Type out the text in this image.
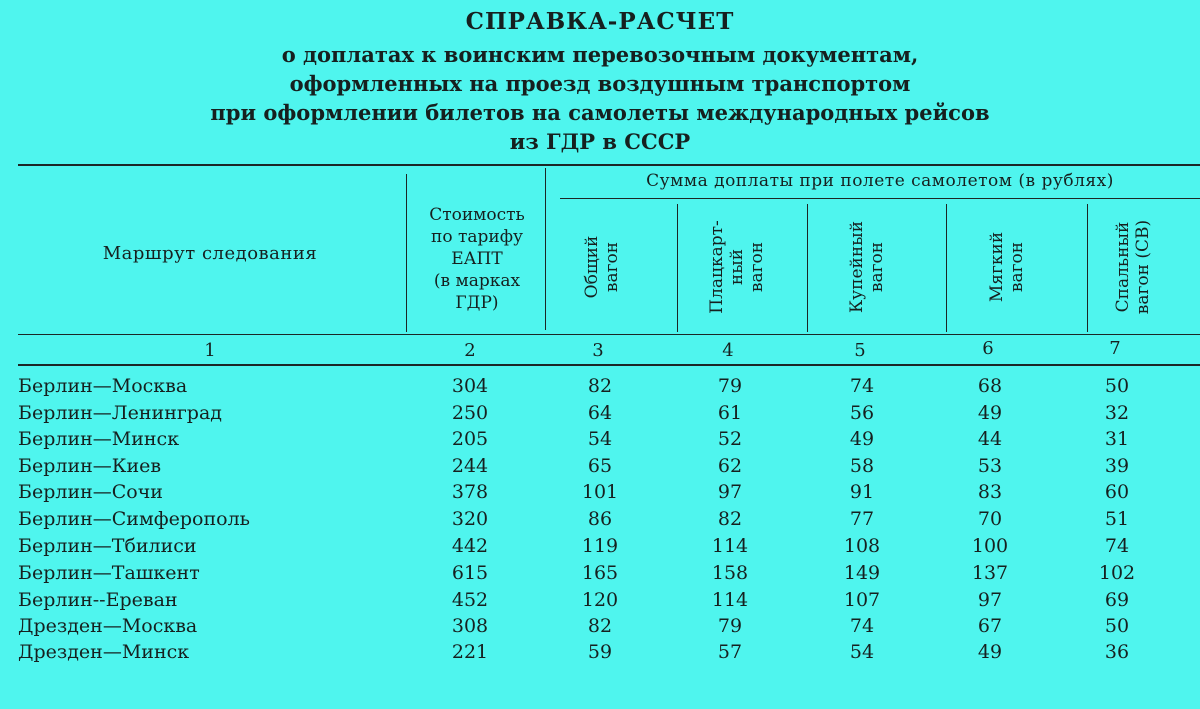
СПРАВКА-РАСЧЕТ
о доплатах к воинским перевозочным документам,
оформленных на проезд воздушным транспортом
при оформлении билетов на самолеты международных рейсов
из ГДР в СССР
Маршрут следования
Стоимость
по тарифу
ЕАПТ
(в марках
ГДР)
Сумма доплаты при полете самолетом (в рублях)
Общий вагон	Плацкарт- ный вагон	Купейный вагон	Мягкий вагон	Спальный вагон (СВ)
1	2	3	4	5	6	7
Берлин—Москва	304	82	79	74	68	50
Берлин—Ленинград	250	64	61	56	49	32
Берлин—Минск	205	54	52	49	44	31
Берлин—Киев	244	65	62	58	53	39
Берлин—Сочи	378	101	97	91	83	60
Берлин—Симферополь	320	86	82	77	70	51
Берлин—Тбилиси	442	119	114	108	100	74
Берлин—Ташкент	615	165	158	149	137	102
Берлин--Ереван	452	120	114	107	97	69
Дрезден—Москва	308	82	79	74	67	50
Дрезден—Минск	221	59	57	54	49	36
